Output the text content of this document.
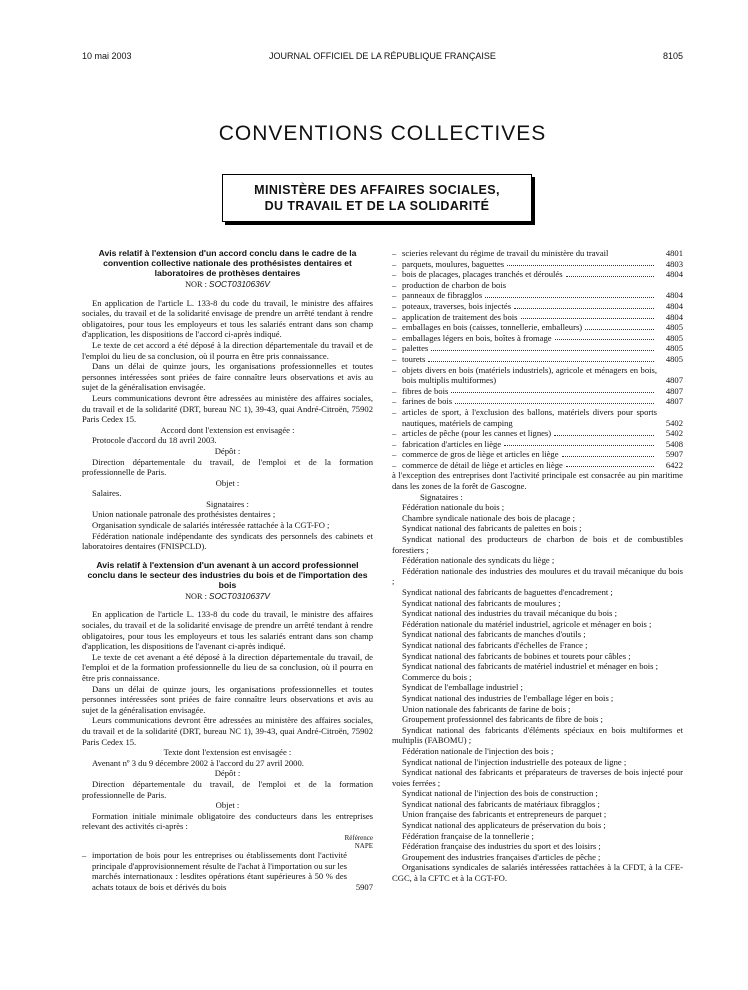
10 mai 2003	JOURNAL OFFICIEL DE LA RÉPUBLIQUE FRANÇAISE	8105
CONVENTIONS COLLECTIVES
MINISTÈRE DES AFFAIRES SOCIALES,
DU TRAVAIL ET DE LA SOLIDARITÉ
Avis relatif à l'extension d'un accord conclu dans le cadre de la convention collective nationale des prothésistes dentaires et laboratoires de prothèses dentaires
NOR : SOCT0310636V

En application de l'article L. 133-8 du code du travail, le ministre des affaires sociales, du travail et de la solidarité envisage de prendre un arrêté tendant à rendre obligatoires, pour tous les employeurs et tous les salariés entrant dans son champ d'application, les dispositions de l'accord ci-après indiqué.

Le texte de cet accord a été déposé à la direction départementale du travail et de l'emploi du lieu de sa conclusion, où il pourra en être pris connaissance.

Dans un délai de quinze jours, les organisations professionnelles et toutes personnes intéressées sont priées de faire connaître leurs observations et avis au sujet de la généralisation envisagée.

Leurs communications devront être adressées au ministère des affaires sociales, du travail et de la solidarité (DRT, bureau NC 1), 39-43, quai André-Citroën, 75902 Paris Cedex 15.

Accord dont l'extension est envisagée :

Protocole d'accord du 18 avril 2003.

Dépôt :

Direction départementale du travail, de l'emploi et de la formation professionnelle de Paris.

Objet :

Salaires.

Signataires :

Union nationale patronale des prothésistes dentaires ;

Organisation syndicale de salariés intéressée rattachée à la CGT-FO ;

Fédération nationale indépendante des syndicats des personnels des cabinets et laboratoires dentaires (FNISPCLD).

Avis relatif à l'extension d'un avenant à un accord professionnel conclu dans le secteur des industries du bois et de l'importation des bois
NOR : SOCT0310637V

En application de l'article L. 133-8 du code du travail, le ministre des affaires sociales, du travail et de la solidarité envisage de prendre un arrêté tendant à rendre obligatoires, pour tous les employeurs et tous les salariés entrant dans son champ d'application, les dispositions de l'avenant ci-après indiqué.

Le texte de cet avenant a été déposé à la direction départementale du travail, de l'emploi et de la formation professionnelle du lieu de sa conclusion, où il pourra en être pris connaissance.

Dans un délai de quinze jours, les organisations professionnelles et toutes personnes intéressées sont priées de faire connaître leurs observations et avis au sujet de la généralisation envisagée.

Leurs communications devront être adressées au ministère des affaires sociales, du travail et de la solidarité (DRT, bureau NC 1), 39-43, quai André-Citroën, 75902 Paris Cedex 15.

Texte dont l'extension est envisagée :

Avenant nº 3 du 9 décembre 2002 à l'accord du 27 avril 2000.

Dépôt :

Direction départementale du travail, de l'emploi et de la formation professionnelle de Paris.

Objet :

Formation initiale minimale obligatoire des conducteurs dans les entreprises relevant des activités ci-après :

Référence
NAPE
– importation de bois pour les entreprises ou établissements dont l'activité principale d'approvisionnement résulte de l'achat à l'importation ou sur les marchés internationaux : lesdites opérations étant supérieures à 50 % des achats totaux de bois et dérivés du bois	5907
– scieries relevant du régime de travail du ministère du travail	4801
– parquets, moulures, baguettes	4803
– bois de placages, placages tranchés et déroulés	4804
– production de charbon de bois
– panneaux de fibragglos	4804
– poteaux, traverses, bois injectés	4804
– application de traitement des bois	4804
– emballages en bois (caisses, tonnellerie, emballeurs)	4805
– emballages légers en bois, boîtes à fromage	4805
– palettes	4805
– tourets	4805
– objets divers en bois (matériels industriels), agricole et ménagers en bois, bois multiplis multiformes)	4807
– fibres de bois	4807
– farines de bois	4807
– articles de sport, à l'exclusion des ballons, matériels divers pour sports nautiques, matériels de camping	5402
– articles de pêche (pour les cannes et lignes)	5402
– fabrication d'articles en liège	5408
– commerce de gros de liège et articles en liège	5907
– commerce de détail de liège et articles en liège	6422

à l'exception des entreprises dont l'activité principale est consacrée au pin maritime dans les zones de la forêt de Gascogne.

Signataires :

Fédération nationale du bois ;

Chambre syndicale nationale des bois de placage ;

Syndicat national des fabricants de palettes en bois ;

Syndicat national des producteurs de charbon de bois et de combustibles forestiers ;

Fédération nationale des syndicats du liège ;

Fédération nationale des industries des moulures et du travail mécanique du bois ;

Syndicat national des fabricants de baguettes d'encadrement ;

Syndicat national des fabricants de moulures ;

Syndicat national des industries du travail mécanique du bois ;

Fédération nationale du matériel industriel, agricole et ménager en bois ;

Syndicat national des fabricants de manches d'outils ;

Syndicat national des fabricants d'échelles de France ;

Syndicat national des fabricants de bobines et tourets pour câbles ;

Syndicat national des fabricants de matériel industriel et ménager en bois ;

Commerce du bois ;

Syndicat de l'emballage industriel ;

Syndicat national des industries de l'emballage léger en bois ;

Union nationale des fabricants de farine de bois ;

Groupement professionnel des fabricants de fibre de bois ;

Syndicat national des fabricants d'éléments spéciaux en bois multiformes et multiplis (FABOMU) ;

Fédération nationale de l'injection des bois ;

Syndicat national de l'injection industrielle des poteaux de ligne ;

Syndicat national des fabricants et préparateurs de traverses de bois injecté pour voies ferrées ;

Syndicat national de l'injection des bois de construction ;

Syndicat national des fabricants de matériaux fibragglos ;

Union française des fabricants et entrepreneurs de parquet ;

Syndicat national des applicateurs de préservation du bois ;

Fédération française de la tonnellerie ;

Fédération française des industries du sport et des loisirs ;

Groupement des industries françaises d'articles de pêche ;

Organisations syndicales de salariés intéressées rattachées à la CFDT, à la CFE-CGC, à la CFTC et à la CGT-FO.
